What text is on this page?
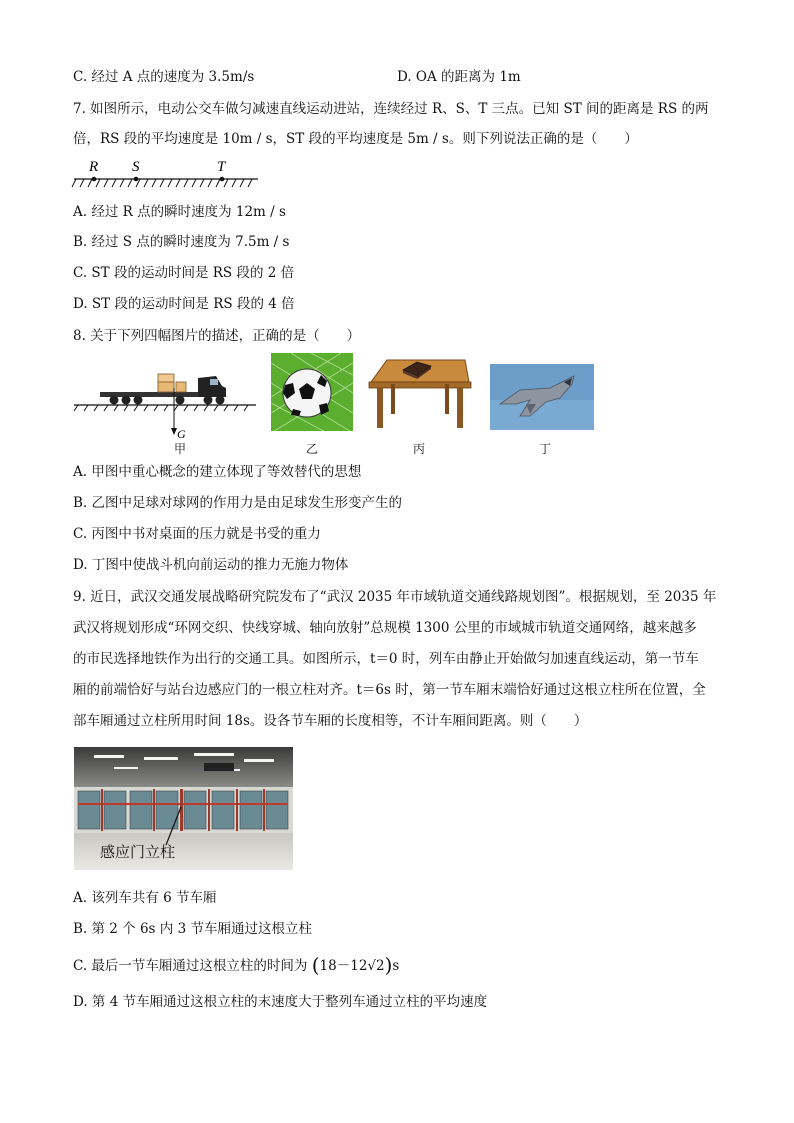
C. 经过 A 点的速度为 3.5m/s	D. OA 的距离为 1m
7. 如图所示，电动公交车做匀减速直线运动进站，连续经过 R、S、T 三点。已知 ST 间的距离是 RS 的两
倍，RS 段的平均速度是 10m / s，ST 段的平均速度是 5m / s。则下列说法正确的是（　　）
R S	T
A. 经过 R 点的瞬时速度为 12m / s
B. 经过 S 点的瞬时速度为 7.5m / s
C. ST 段的运动时间是 RS 段的 2 倍
D. ST 段的运动时间是 RS 段的 4 倍
8. 关于下列四幅图片的描述，正确的是（　　）
G
甲	乙	丙	丁
A. 甲图中重心概念的建立体现了等效替代的思想
B. 乙图中足球对球网的作用力是由足球发生形变产生的
C. 丙图中书对桌面的压力就是书受的重力
D. 丁图中使战斗机向前运动的推力无施力物体
9. 近日，武汉交通发展战略研究院发布了“武汉 2035 年市域轨道交通线路规划图”。根据规划，至 2035 年
武汉将规划形成“环网交织、快线穿城、轴向放射”总规模 1300 公里的市域城市轨道交通网络，越来越多
的市民选择地铁作为出行的交通工具。如图所示，t＝0 时，列车由静止开始做匀加速直线运动，第一节车
厢的前端恰好与站台边感应门的一根立柱对齐。t＝6s 时，第一节车厢末端恰好通过这根立柱所在位置，全
部车厢通过立柱所用时间 18s。设各节车厢的长度相等，不计车厢间距离。则（　　）
感应门立柱
A. 该列车共有 6 节车厢
B. 第 2 个 6s 内 3 节车厢通过这根立柱
C. 最后一节车厢通过这根立柱的时间为 (18－12√2)s
D. 第 4 节车厢通过这根立柱的末速度大于整列车通过立柱的平均速度
